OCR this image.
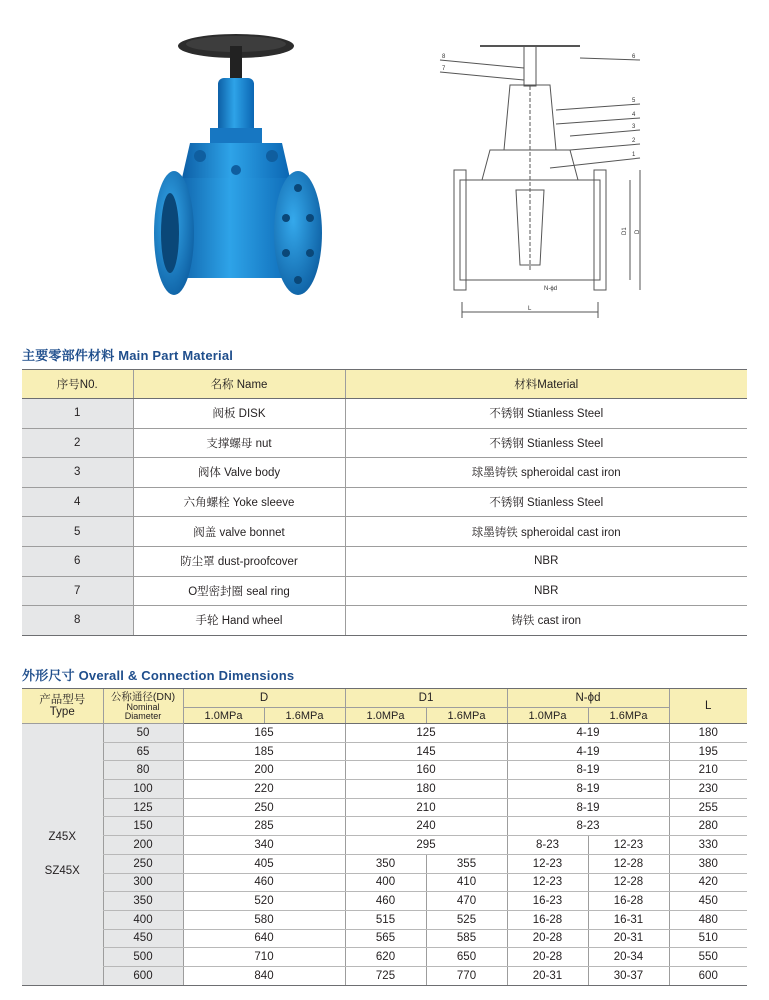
8
7
6
5
4
3
2
1
D1 D
N-ϕd
L
主要零部件材料 Main Part Material
序号N0.	名称 Name	材料Material
1	阀板 DISK	不锈钢 Stianless Steel
2	支撑螺母 nut	不锈钢 Stianless Steel
3	阀体 Valve body	球墨铸铁 spheroidal cast iron
4	六角螺栓 Yoke sleeve	不锈钢 Stianless Steel
5	阀盖 valve bonnet	球墨铸铁 spheroidal cast iron
6	防尘罩 dust-proofcover	NBR
7	O型密封圈 seal ring	NBR
8	手轮 Hand wheel	铸铁 cast iron
外形尺寸 Overall & Connection Dimensions
产品型号
Type	公称通径(DN)
Nominal
Diameter	D		D1		N-ϕd		L
		1.0MPa	1.6MPa	1.0MPa	1.6MPa	1.0MPa	1.6MPa	

Z45X
SZ45X	50	165		125		4-19		180
	65	185		145		4-19		195
	80	200		160		8-19		210
	100	220		180		8-19		230
	125	250		210		8-19		255
	150	285		240		8-23		280
	200	340		295		8-23	12-23	330
	250	405		350	355	12-23	12-28	380
	300	460		400	410	12-23	12-28	420
	350	520		460	470	16-23	16-28	450
	400	580		515	525	16-28	16-31	480
	450	640		565	585	20-28	20-31	510
	500	710		620	650	20-28	20-34	550
	600	840		725	770	20-31	30-37	600
